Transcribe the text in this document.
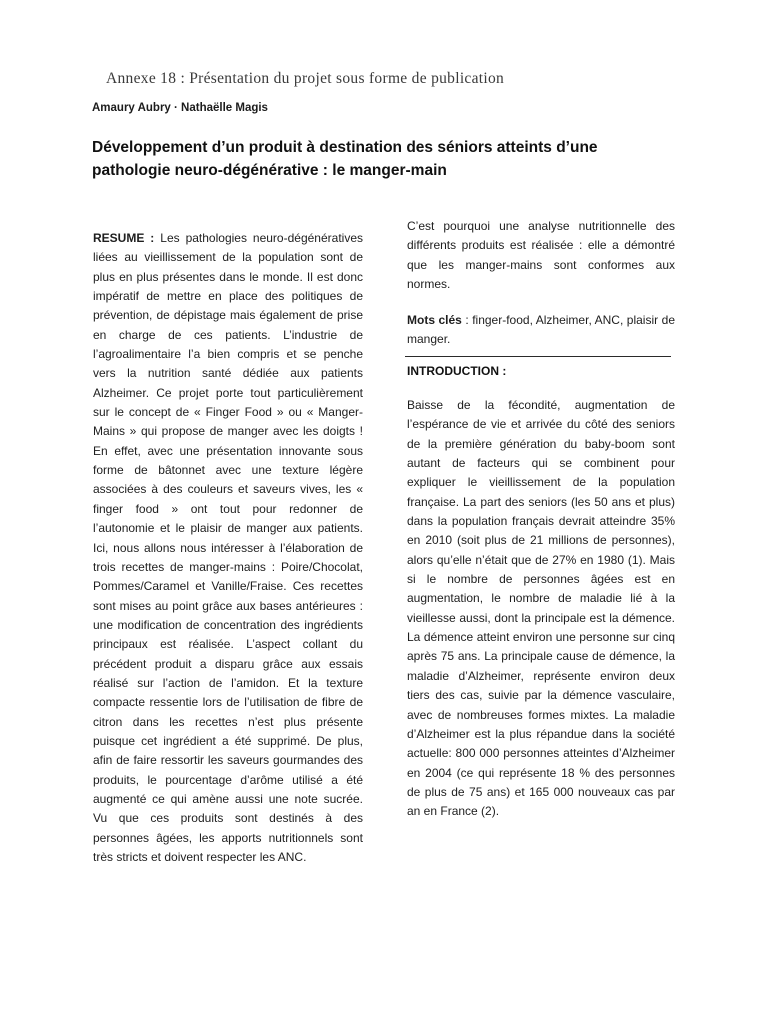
Annexe 18 : Présentation du projet sous forme de publication
Amaury Aubry · Nathaëlle Magis
Développement d’un produit à destination des séniors atteints d’une pathologie neuro-dégénérative : le manger-main

RESUME : Les pathologies neuro-dégénératives liées au vieillissement de la population sont de plus en plus présentes dans le monde. Il est donc impératif de mettre en place des politiques de prévention, de dépistage mais également de prise en charge de ces patients. L’industrie de l’agroalimentaire l’a bien compris et se penche vers la nutrition santé dédiée aux patients Alzheimer. Ce projet porte tout particulièrement sur le concept de « Finger Food » ou « Manger-Mains » qui propose de manger avec les doigts ! En effet, avec une présentation innovante sous forme de bâtonnet avec une texture légère associées à des couleurs et saveurs vives, les « finger food » ont tout pour redonner de l’autonomie et le plaisir de manger aux patients. Ici, nous allons nous intéresser à l’élaboration de trois recettes de manger-mains : Poire/Chocolat, Pommes/Caramel et Vanille/Fraise. Ces recettes sont mises au point grâce aux bases antérieures : une modification de concentration des ingrédients principaux est réalisée. L’aspect collant du précédent produit a disparu grâce aux essais réalisé sur l’action de l’amidon. Et la texture compacte ressentie lors de l’utilisation de fibre de citron dans les recettes n’est plus présente puisque cet ingrédient a été supprimé. De plus, afin de faire ressortir les saveurs gourmandes des produits, le pourcentage d’arôme utilisé a été augmenté ce qui amène aussi une note sucrée. Vu que ces produits sont destinés à des personnes âgées, les apports nutritionnels sont très stricts et doivent respecter les ANC.

C’est pourquoi une analyse nutritionnelle des différents produits est réalisée : elle a démontré que les manger-mains sont conformes aux normes.

Mots clés : finger-food, Alzheimer, ANC, plaisir de manger.

INTRODUCTION :

Baisse de la fécondité, augmentation de l’espérance de vie et arrivée du côté des seniors de la première génération du baby-boom sont autant de facteurs qui se combinent pour expliquer le vieillissement de la population française. La part des seniors (les 50 ans et plus) dans la population français devrait atteindre 35% en 2010 (soit plus de 21 millions de personnes), alors qu’elle n’était que de 27% en 1980 (1). Mais si le nombre de personnes âgées est en augmentation, le nombre de maladie lié à la vieillesse aussi, dont la principale est la démence. La démence atteint environ une personne sur cinq après 75 ans. La principale cause de démence, la maladie d’Alzheimer, représente environ deux tiers des cas, suivie par la démence vasculaire, avec de nombreuses formes mixtes. La maladie d’Alzheimer est la plus répandue dans la société actuelle: 800 000 personnes atteintes d’Alzheimer en 2004 (ce qui représente 18 % des personnes de plus de 75 ans) et 165 000 nouveaux cas par an en France (2).
